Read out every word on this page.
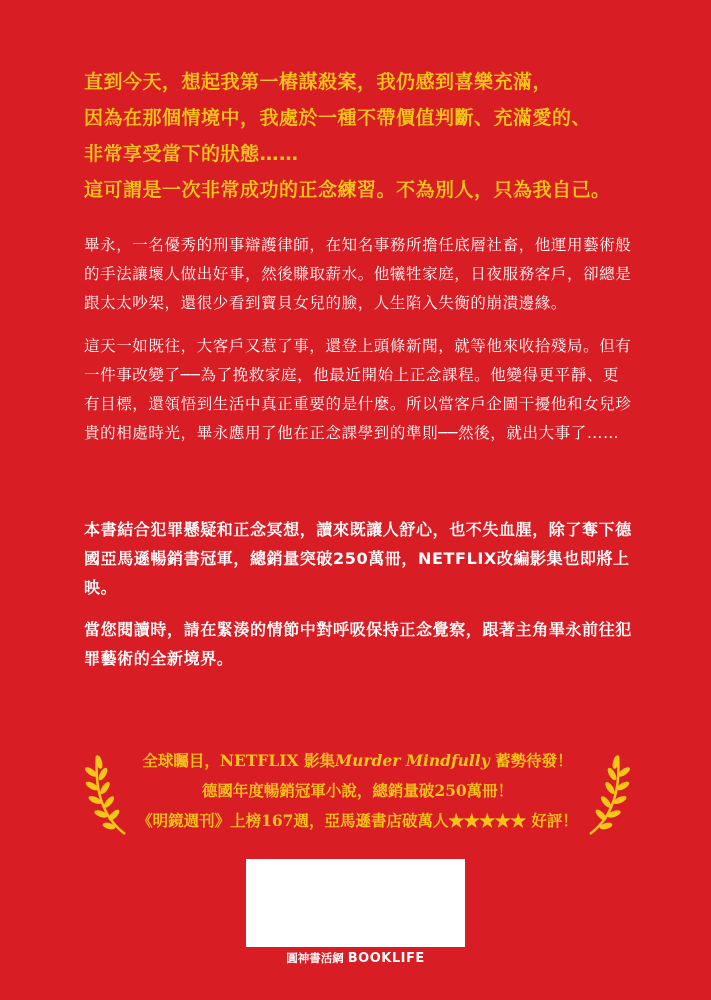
直到今天，想起我第一樁謀殺案，我仍感到喜樂充滿，

因為在那個情境中，我處於一種不帶價值判斷、充滿愛的、

非常享受當下的狀態……

這可謂是一次非常成功的正念練習。不為別人，只為我自己。

畢永，一名優秀的刑事辯護律師，在知名事務所擔任底層社畜，他運用藝術般的手法讓壞人做出好事，然後賺取薪水。他犧牲家庭，日夜服務客戶，卻總是跟太太吵架，還很少看到寶貝女兒的臉，人生陷入失衡的崩潰邊緣。

這天一如既往，大客戶又惹了事，還登上頭條新聞，就等他來收拾殘局。但有一件事改變了──為了挽救家庭，他最近開始上正念課程。他變得更平靜、更有目標，還領悟到生活中真正重要的是什麼。所以當客戶企圖干擾他和女兒珍貴的相處時光，畢永應用了他在正念課學到的準則──然後，就出大事了……

本書結合犯罪懸疑和正念冥想，讀來既讓人舒心，也不失血腥，除了奪下德國亞馬遜暢銷書冠軍，總銷量突破250萬冊，NETFLIX改編影集也即將上映。

當您閱讀時，請在緊湊的情節中對呼吸保持正念覺察，跟著主角畢永前往犯罪藝術的全新境界。

全球矚目，NETFLIX 影集Murder Mindfully 蓄勢待發！
德國年度暢銷冠軍小說，總銷量破250萬冊！
《明鏡週刊》上榜167週，亞馬遜書店破萬人★★★★★ 好評！
圓神書活網 BOOKLIFE
